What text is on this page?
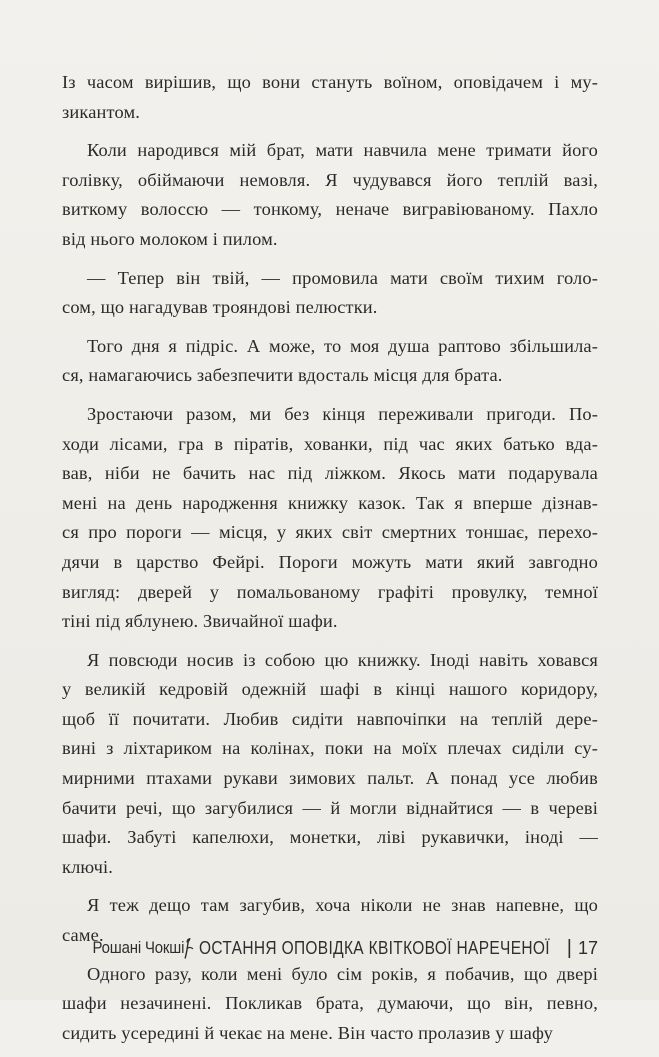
Із часом вирішив, що вони стануть воїном, оповідачем і му-
зикантом.

Коли народився мій брат, мати навчила мене тримати його
голівку, обіймаючи немовля. Я чудувався його теплій вазі,
виткому волоссю — тонкому, неначе вигравіюваному. Пахло
від нього молоком і пилом.

— Тепер він твій, — промовила мати своїм тихим голо-
сом, що нагадував трояндові пелюстки.

Того дня я підріс. А може, то моя душа раптово збільшила-
ся, намагаючись забезпечити вдосталь місця для брата.

Зростаючи разом, ми без кінця переживали пригоди. По-
ходи лісами, гра в піратів, хованки, під час яких батько вда-
вав, ніби не бачить нас під ліжком. Якось мати подарувала
мені на день народження книжку казок. Так я вперше дізнав-
ся про пороги — місця, у яких світ смертних тоншає, перехо-
дячи в царство Фейрі. Пороги можуть мати який завгодно
вигляд: дверей у помальованому графіті провулку, темної
тіні під яблунею. Звичайної шафи.

Я повсюди носив із собою цю книжку. Іноді навіть ховався
у великій кедровій одежній шафі в кінці нашого коридору,
щоб її почитати. Любив сидіти навпочіпки на теплій дере-
вині з ліхтариком на колінах, поки на моїх плечах сиділи су-
мирними птахами рукави зимових пальт. А понад усе любив
бачити речі, що загубилися — й могли віднайтися — в череві
шафи. Забуті капелюхи, монетки, ліві рукавички, іноді —
ключі.

Я теж дещо там загубив, хоча ніколи не знав напевне, що
саме.

Одного разу, коли мені було сім років, я побачив, що двері
шафи незачинені. Покликав брата, думаючи, що він, певно,
сидить усередині й чекає на мене. Він часто пролазив у шафу

Рошані Чокші ОСТАННЯ ОПОВІДКА КВІТКОВОЇ НАРЕЧЕНОЇ | 17
